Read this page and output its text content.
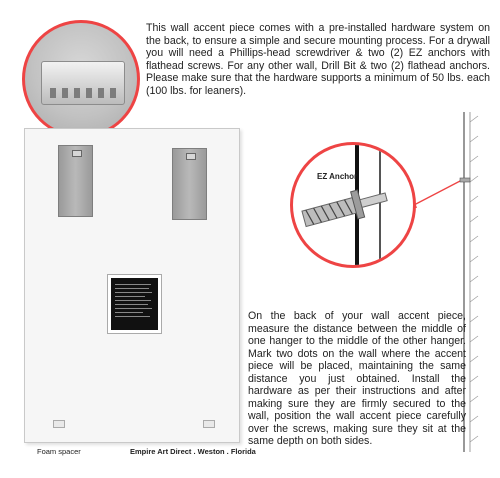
This wall accent piece comes with a pre-installed hardware system on the back, to ensure a simple and secure mounting process. For a drywall you will need a Phillips-head screwdriver & two (2) EZ anchors with flathead screws. For any other wall, Drill Bit & two (2) flathead anchors. Please make sure that the hardware supports a minimum of 50 lbs. each (100 lbs. for leaners).
Foam spacer	Empire Art Direct . Weston . Florida
EZ Anchor
On the back of your wall accent piece, measure the distance between the middle of one hanger to the middle of the other hanger. Mark two dots on the wall where the accent piece will be placed, maintaining the same distance you just obtained. Install the hardware as per their instructions and after making sure they are firmly secured to the wall, position the wall accent piece carefully over the screws, making sure they sit at the same depth on both sides.
